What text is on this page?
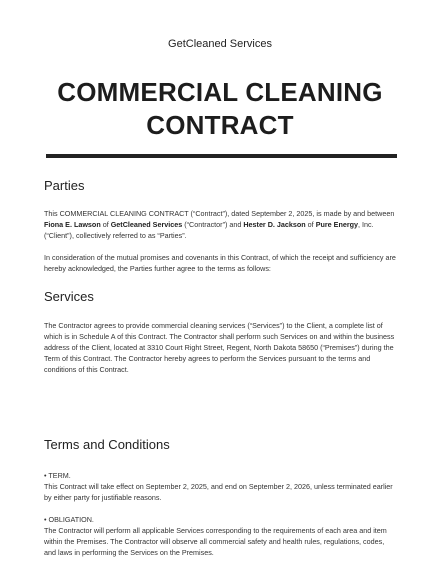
GetCleaned Services
COMMERCIAL CLEANING
CONTRACT
Parties
This COMMERCIAL CLEANING CONTRACT (“Contract”), dated September 2, 2025, is made by and between Fiona E. Lawson of GetCleaned Services (“Contractor”) and Hester D. Jackson of Pure Energy, Inc. (“Client”), collectively referred to as “Parties”.
In consideration of the mutual promises and covenants in this Contract, of which the receipt and sufficiency are hereby acknowledged, the Parties further agree to the terms as follows:
Services
The Contractor agrees to provide commercial cleaning services (“Services”) to the Client, a complete list of which is in Schedule A of this Contract. The Contractor shall perform such Services on and within the business address of the Client, located at 3310 Court Right Street, Regent, North Dakota 58650 (“Premises”) during the Term of this Contract. The Contractor hereby agrees to perform the Services pursuant to the terms and conditions of this Contract.
Terms and Conditions
• TERM.
This Contract will take effect on September 2, 2025, and end on September 2, 2026, unless terminated earlier by either party for justifiable reasons.
• OBLIGATION.
The Contractor will perform all applicable Services corresponding to the requirements of each area and item within the Premises. The Contractor will observe all commercial safety and health rules, regulations, codes, and laws in performing the Services on the Premises.
